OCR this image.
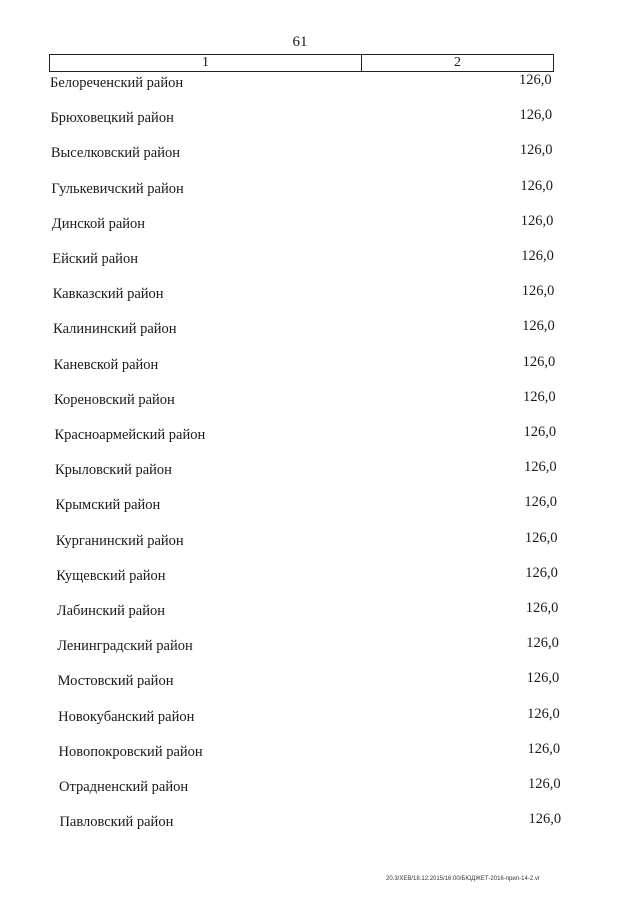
61
1	2
Белореченский район	126,0
Брюховецкий район	126,0
Выселковский район	126,0
Гулькевичский район	126,0
Динской район	126,0
Ейский район	126,0
Кавказский район	126,0
Калининский район	126,0
Каневской район	126,0
Кореновский район	126,0
Красноармейский район	126,0
Крыловский район	126,0
Крымский район	126,0
Курганинский район	126,0
Кущевский район	126,0
Лабинский район	126,0
Ленинградский район	126,0
Мостовский район	126,0
Новокубанский район	126,0
Новопокровский район	126,0
Отрадненский район	126,0
Павловский район	126,0
20.3/ХЕВ/18.12.2015/16:00/БЮДЖЕТ-2016-прил-14-2.vr
